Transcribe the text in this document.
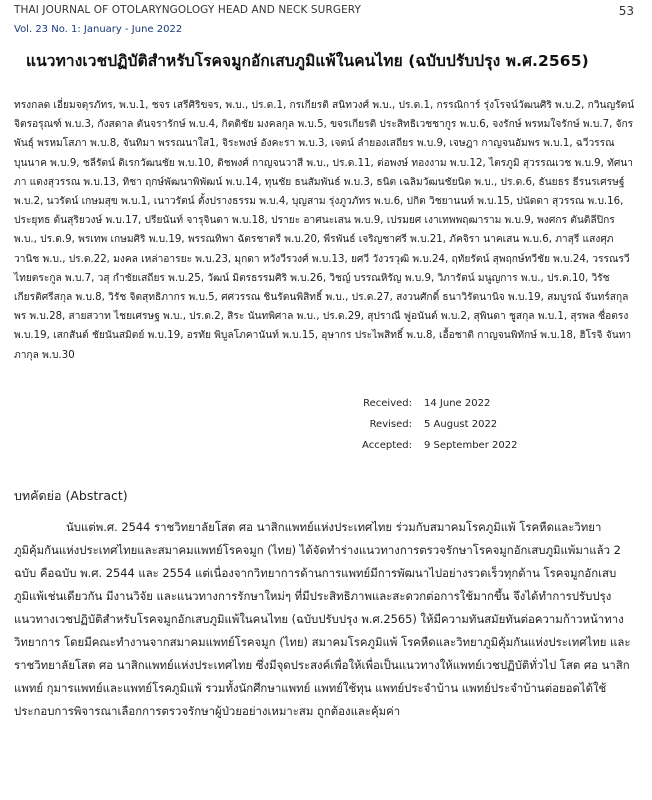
THAI JOURNAL OF OTOLARYNGOLOGY HEAD AND NECK SURGERY	53
Vol. 23 No. 1: January - June 2022
แนวทางเวชปฏิบัติสำหรับโรคจมูกอักเสบภูมิแพ้ในคนไทย (ฉบับปรับปรุง พ.ศ.2565)
ทรงกลด เอี่ยมจตุรภัทร, พ.บ.1, ชจร เสรีศิริขจร, พ.บ., ปร.ด.1, กรเกียรติ สนิทวงศ์ พ.บ., ปร.ด.1, กรรณิการ์ รุ่งโรจน์วัฒนศิริ พ.บ.2, กวินญรัตน์ จิตรอรุณฑ์ พ.บ.3, กังสดาล ตันจรารักษ์ พ.บ.4, กิตติชัย มงคลกุล พ.บ.5, ขจรเกียรติ ประสิทธิเวชชากูร พ.บ.6, จงรักษ์ พรหมใจรักษ์ พ.บ.7, จักรพันธุ์ พรหมโสภา พ.บ.8, จันทิมา พรรณนาใส1, จิระพงษ์ อังคะรา พ.บ.3, เจตน์ ลำยองเสถียร พ.บ.9, เจษฎา กาญจนอัมพร พ.บ.1, ฉวีวรรณ บุนนาค พ.บ.9, ชลีรัตน์ ดิเรกวัฒนชัย พ.บ.10, ดิชพงศ์ กาญจนวาสี พ.บ., ปร.ด.11, ต่อพงษ์ ทองงาม พ.บ.12, ไตรภูมิ สุวรรณเวช พ.บ.9, ทัศนาภา แดงสุวรรณ พ.บ.13, ทิชา ฤกษ์พัฒนาพิพัฒน์ พ.บ.14, ทุนชัย ธนสัมพันธ์ พ.บ.3, ธนิต เฉลิมวัฒนชัยนิต พ.บ., ปร.ด.6, ธันยธร ธีรนรเศรษฐ์ พ.บ.2, นวรัตน์ เกษมสุข พ.บ.1, เนาวรัตน์ ตั้งปรางธรรม พ.บ.4, บุญสาม รุ่งภูวภัทร พ.บ.6, ปกิต วิชยานนท์ พ.บ.15, ปนัดดา สุวรรณ พ.บ.16, ประยุทธ ต้นสุริยวงษ์ พ.บ.17, ปรียนันท์ จารุจินดา พ.บ.18, ปรายะ อาศนะเสน พ.บ.9, เปรมยศ เงาเทพพฤฒาราม พ.บ.9, พงศกร ตันติลีปิกร พ.บ., ปร.ด.9, พรเทพ เกษมศิริ พ.บ.19, พรรณทิพา ฉัตรชาตรี พ.บ.20, พีรพันธ์ เจริญชาศรี พ.บ.21, ภัคจิรา นาคเสน พ.บ.6, ภาสุรี แสงศุภวานิช พ.บ., ปร.ด.22, มงคล เหล่าอารยะ พ.บ.23, มุกดา หวังวีรวงศ์ พ.บ.13, ยศวี วังวรวุฒิ พ.บ.24, ฤทัยรัตน์ สุพฤกษ์ทวีชัย พ.บ.24, วรรณรวี ไทยตระกูล พ.บ.7, วสุ กำชัยเสถียร พ.บ.25, วัฒน์ มิตรธรรมศิริ พ.บ.26, วิชญ์ บรรณหิรัญ พ.บ.9, วิภารัตน์ มนูญการ พ.บ., ปร.ด.10, วิรัช เกียรติศรีสกุล พ.บ.8, วิรัช จิตสุทธิภากร พ.บ.5, ศศวรรณ ชินรัตนพิสิทธิ์ พ.บ., ปร.ด.27, สงวนศักดิ์ ธนาวิรัตนานิจ พ.บ.19, สมบูรณ์ จันทร์สกุลพร พ.บ.28, สายสวาท ไชยเศรษฐ พ.บ., ปร.ด.2, สิระ นันทพิศาล พ.บ., ปร.ด.29, สุปราณี ฟูอนันต์ พ.บ.2, สุพินดา ชูสกุล พ.บ.1, สุรพล ซื่อตรง พ.บ.19, เสกสันต์ ชัยนันสมิตย์ พ.บ.19, อรทัย พิบูลโภคานันท์ พ.บ.15, อุษากร ประไพสิทธิ์ พ.บ.8, เอื้อชาติ กาญจนพิทักษ์ พ.บ.18, ฮิโรจิ จันทาภากุล พ.บ.30
Received: 14 June 2022
Revised: 5 August 2022
Accepted: 9 September 2022
บทคัดย่อ (Abstract)
นับแต่พ.ศ. 2544 ราชวิทยาลัยโสต ศอ นาสิกแพทย์แห่งประเทศไทย ร่วมกับสมาคมโรคภูมิแพ้ โรคหืดและวิทยาภูมิคุ้มกันแห่งประเทศไทยและสมาคมแพทย์โรคจมูก (ไทย) ได้จัดทำร่างแนวทางการตรวจรักษาโรคจมูกอักเสบภูมิแพ้มาแล้ว 2 ฉบับ คือฉบับ พ.ศ. 2544 และ 2554 แต่เนื่องจากวิทยาการด้านการแพทย์มีการพัฒนาไปอย่างรวดเร็วทุกด้าน โรคจมูกอักเสบภูมิแพ้เช่นเดียวกัน มีงานวิจัย และแนวทางการรักษาใหม่ๆ ที่มีประสิทธิภาพและสะดวกต่อการใช้มากขึ้น จึงได้ทำการปรับปรุงแนวทางเวชปฏิบัติสำหรับโรคจมูกอักเสบภูมิแพ้ในคนไทย (ฉบับปรับปรุง พ.ศ.2565) ให้มีความทันสมัยทันต่อความก้าวหน้าทางวิทยาการ โดยมีคณะทำงานจากสมาคมแพทย์โรคจมูก (ไทย) สมาคมโรคภูมิแพ้ โรคหืดและวิทยาภูมิคุ้มกันแห่งประเทศไทย และราชวิทยาลัยโสต ศอ นาสิกแพทย์แห่งประเทศไทย ซึ่งมีจุดประสงค์เพื่อให้เพื่อเป็นแนวทางให้แพทย์เวชปฏิบัติทั่วไป โสต ศอ นาสิกแพทย์ กุมารแพทย์และแพทย์โรคภูมิแพ้ รวมทั้งนักศึกษาแพทย์ แพทย์ใช้ทุน แพทย์ประจำบ้าน แพทย์ประจำบ้านต่อยอดได้ใช้ประกอบการพิจารณาเลือกการตรวจรักษาผู้ป่วยอย่างเหมาะสม ถูกต้องและคุ้มค่า
